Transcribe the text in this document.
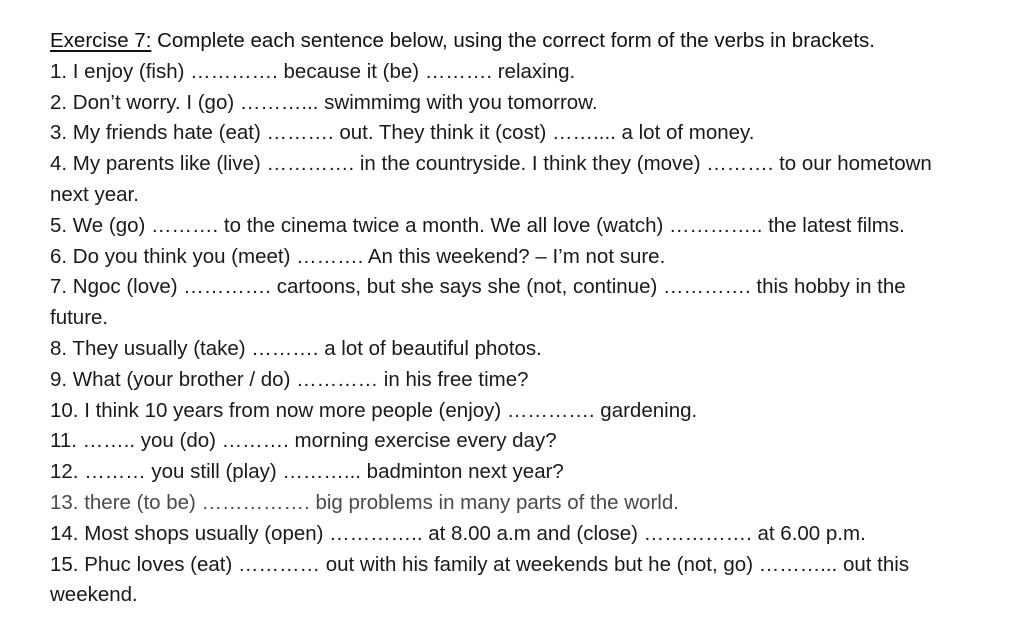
Exercise 7: Complete each sentence below, using the correct form of the verbs in brackets.
1. I enjoy (fish) …………. because it (be) ………. relaxing.
2. Don’t worry. I (go) ………... swimmimg with you tomorrow.
3. My friends hate (eat) ………. out. They think it (cost) …….... a lot of money.
4. My parents like (live) …………. in the countryside. I think they (move) ………. to our hometown
next year.
5. We (go) ………. to the cinema twice a month. We all love (watch) ………….. the latest films.
6. Do you think you (meet) ………. An this weekend? – I’m not sure.
7. Ngoc (love) …………. cartoons, but she says she (not, continue) …………. this hobby in the
future.
8. They usually (take) ………. a lot of beautiful photos.
9. What (your brother / do) ………… in his free time?
10. I think 10 years from now more people (enjoy) …………. gardening.
11. …….. you (do) ………. morning exercise every day?
12. ……… you still (play) ………... badminton next year?
13. there (to be) ……………. big problems in many parts of the world.
14. Most shops usually (open) ………….. at 8.00 a.m and (close) ……………. at 6.00 p.m.
15. Phuc loves (eat) ………… out with his family at weekends but he (not, go) ………... out this
weekend.
